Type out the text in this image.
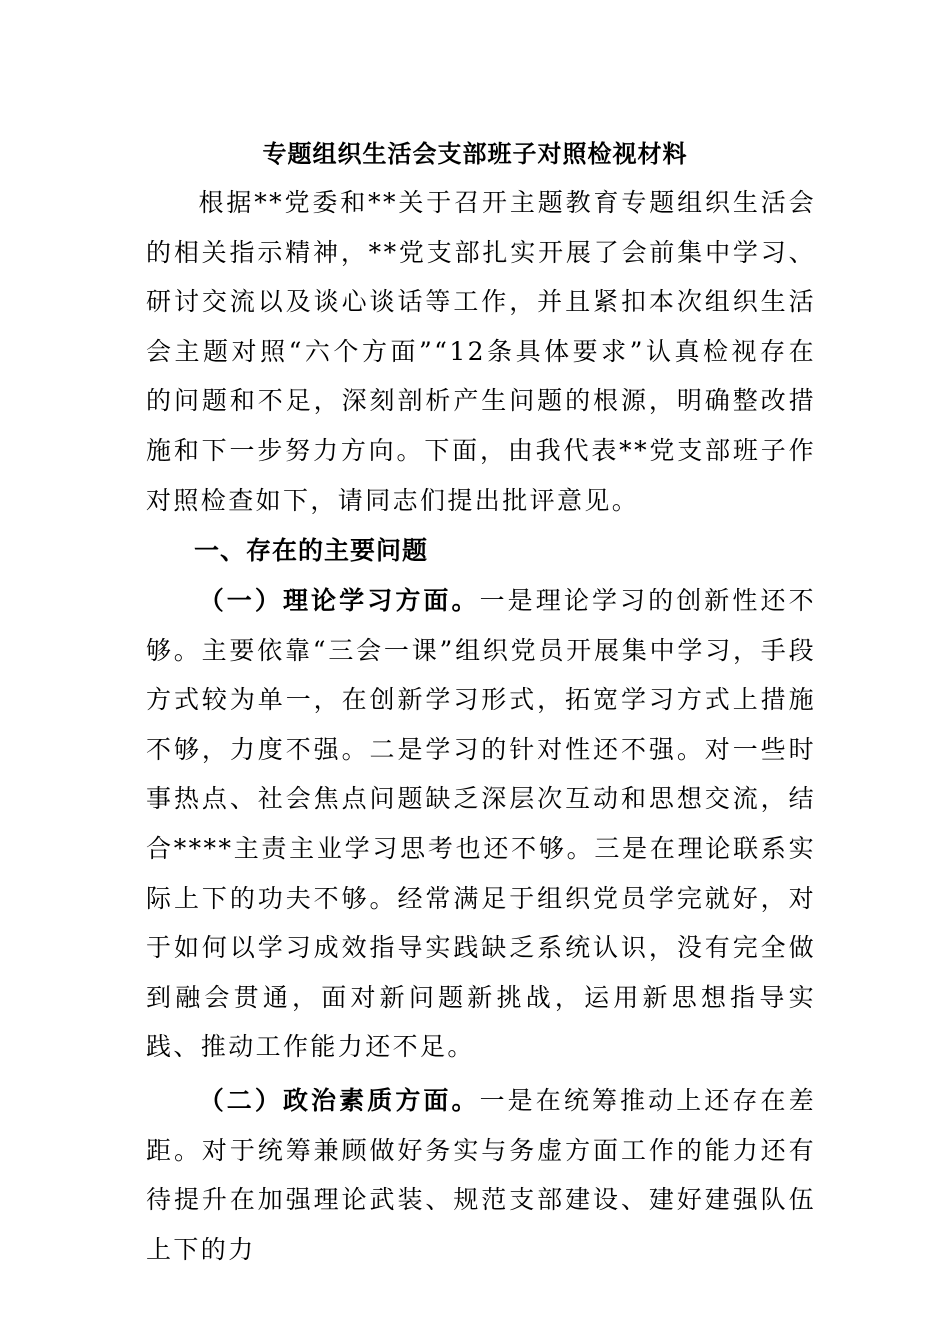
专题组织生活会支部班子对照检视材料

根据**党委和**关于召开主题教育专题组织生活会的相关指示精神，**党支部扎实开展了会前集中学习、研讨交流以及谈心谈话等工作，并且紧扣本次组织生活会主题对照“六个方面”“12条具体要求”认真检视存在的问题和不足，深刻剖析产生问题的根源，明确整改措施和下一步努力方向。下面，由我代表**党支部班子作对照检查如下，请同志们提出批评意见。

一、存在的主要问题

（一）理论学习方面。一是理论学习的创新性还不够。主要依靠“三会一课”组织党员开展集中学习，手段方式较为单一，在创新学习形式，拓宽学习方式上措施不够，力度不强。二是学习的针对性还不强。对一些时事热点、社会焦点问题缺乏深层次互动和思想交流，结合****主责主业学习思考也还不够。三是在理论联系实际上下的功夫不够。经常满足于组织党员学完就好，对于如何以学习成效指导实践缺乏系统认识，没有完全做到融会贯通，面对新问题新挑战，运用新思想指导实践、推动工作能力还不足。

（二）政治素质方面。一是在统筹推动上还存在差距。对于统筹兼顾做好务实与务虚方面工作的能力还有待提升在加强理论武装、规范支部建设、建好建强队伍上下的力
